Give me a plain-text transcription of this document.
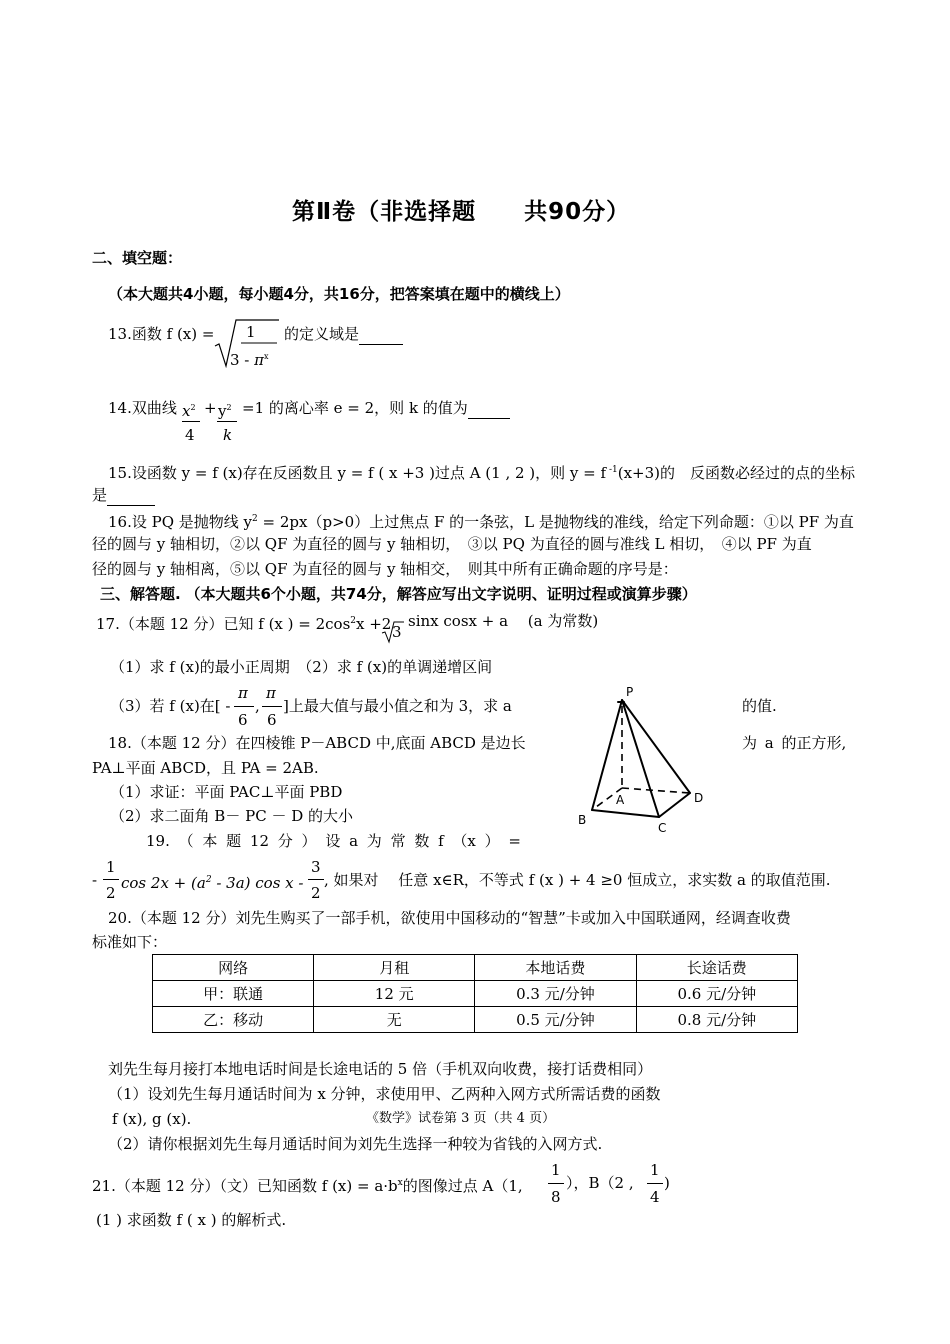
第Ⅱ卷（非选择题　　共90分）
二、填空题：
（本大题共4小题，每小题4分，共16分，把答案填在题中的横线上）
13.函数 f (x) = 1
$3 - \pi^x$
的定义域是
14.双曲线 $x^2$
4
+ $y^2$
k
=1 的离心率 e = 2，则 k 的值为
15.设函数 y = f (x)存在反函数且 y = f ( x +3 )过点 A (1 , 2 )，则 y = f $^{-1}$(x+3)的　反函数必经过的点的坐标
是
16.设 PQ 是抛物线 $y^2 = 2px(p>0)$上过焦点 F 的一条弦，L 是抛物线的准线，给定下列命题：①以 PF 为直
径的圆与 y 轴相切，②以 QF 为直径的圆与 y 轴相切，　③以 PQ 为直径的圆与准线 L 相切，　④以 PF 为直
径的圆与 y 轴相离，⑤以 QF 为直径的圆与 y 轴相交，　则其中所有正确命题的序号是：
三、解答题. （本大题共6个小题，共74分，解答应写出文字说明、证明过程或演算步骤）
17.（本题 12 分）已知 f (x ) = $2\cos^2x +2$ 3
sinx cosx + a　 (a 为常数)
（1）求 f (x)的最小正周期　（2）求 f (x)的单调递增区间
（3）若 f (x)在[ -
π
6
,
π
6
]上最大值与最小值之和为 3，求 a	的值.
P
A
B
C
D
18.（本题 12 分）在四棱锥 P－ABCD 中,底面 ABCD 是边长	为 a 的正方形,
PA⊥平面 ABCD，且 PA = 2AB.
（1）求证：平面 PAC⊥平面 PBD
（2）求二面角 B－ PC － D 的大小
19. （ 本 题 12 分 ） 设 a 为 常 数 f （x ） =
-
1
2
$\cos 2x + (a^2 - 3a)$ cos x -
3
2
, 如果对　 任意 x∈R，不等式 f (x ) + 4 ≥0 恒成立，求实数 a 的取值范围.
20.（本题 12 分）刘先生购买了一部手机，欲使用中国移动的“智慧”卡或加入中国联通网，经调查收费
标准如下：
网络	月租	本地话费	长途话费
甲：联通	12 元	0.3 元/分钟	0.6 元/分钟
乙：移动	无	0.5 元/分钟	0.8 元/分钟
刘先生每月接打本地电话时间是长途电话的 5 倍（手机双向收费，接打话费相同）
（1）设刘先生每月通话时间为 x 分钟，求使用甲、乙两种入网方式所需话费的函数
f (x), g (x).	《数学》试卷第 3 页（共 4 页）
（2）请你根据刘先生每月通话时间为刘先生选择一种较为省钱的入网方式.
21.（本题 12 分）（文）已知函数 f $(x) = a\cdot b^x$的图像过点 A（1,
1
8
），B（2 ,
1
4
)
(1 ) 求函数 f ( x ) 的解析式.
